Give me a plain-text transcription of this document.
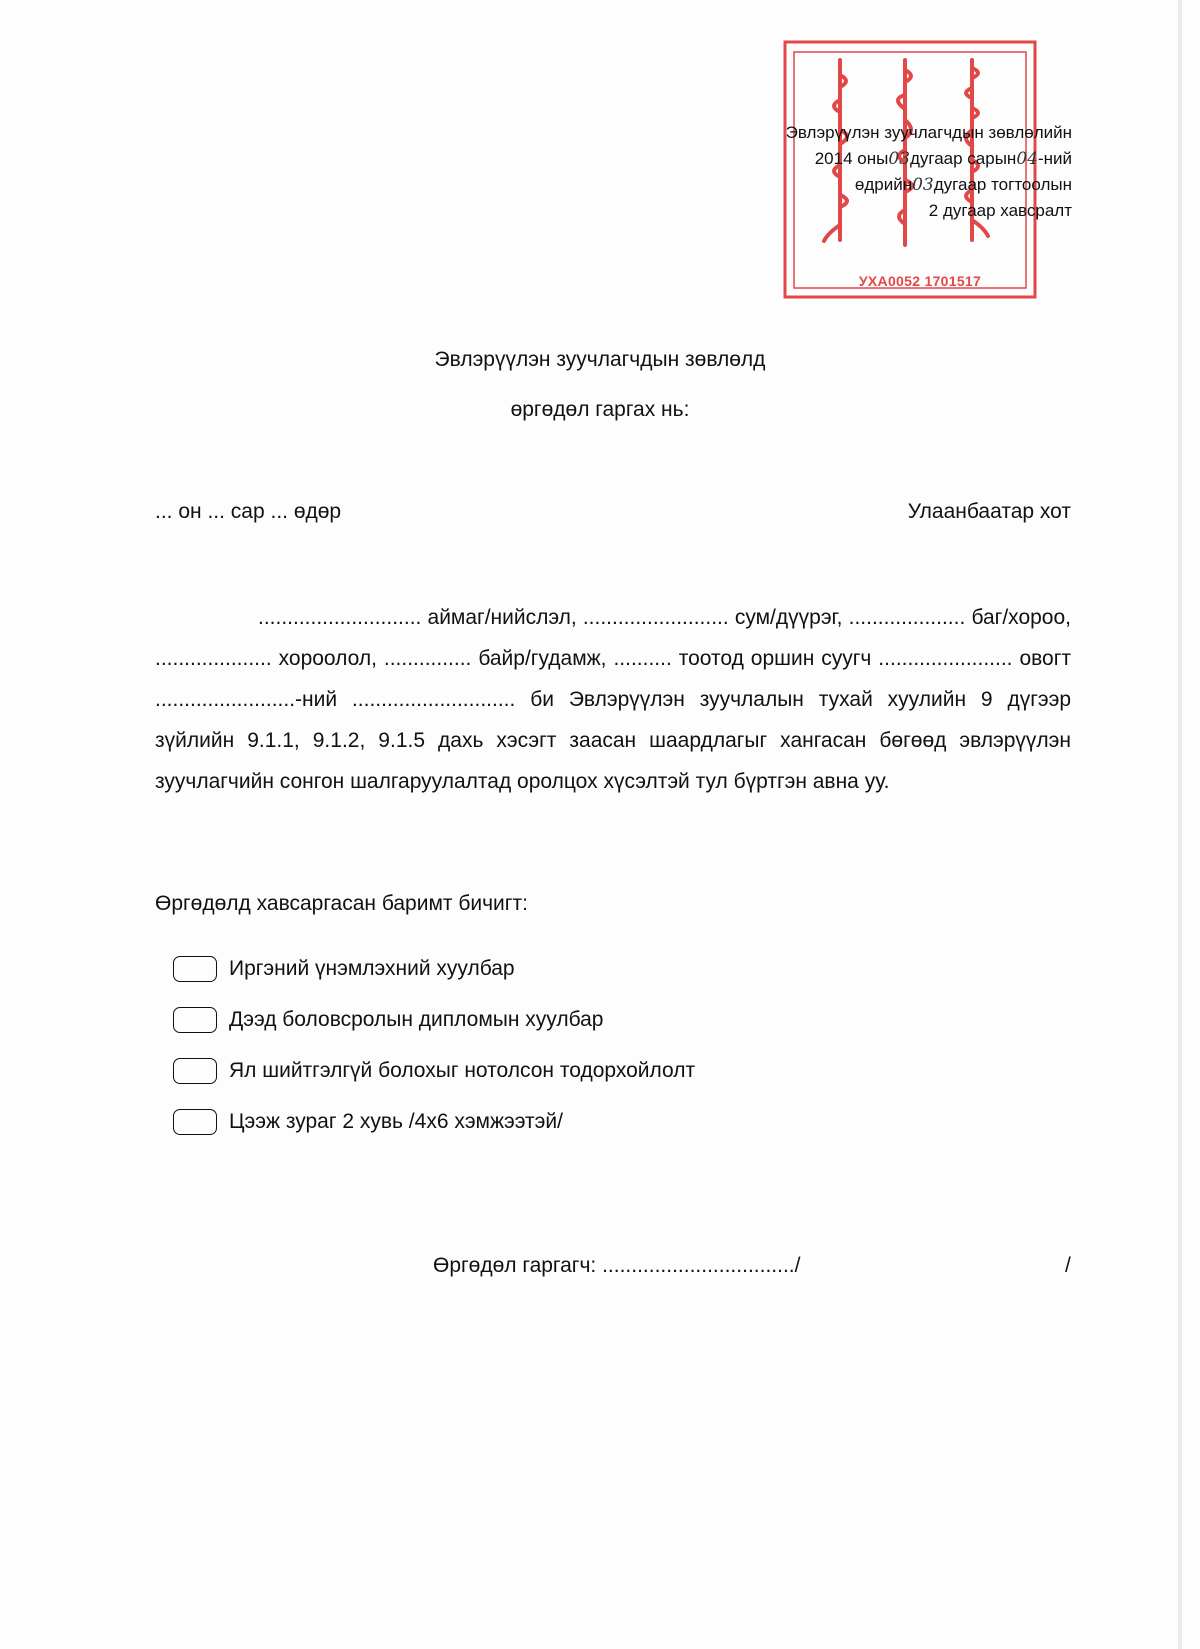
УХА0052 1701517
Эвлэрүүлэн зуучлагчдын зөвлөлийн
2014 оны03дугаар сарын04-ний
өдрийн03дугаар тогтоолын
2 дугаар хавсралт
Эвлэрүүлэн зуучлагчдын зөвлөлд
өргөдөл гаргах нь:
... он ... сар ... өдөр	Улаанбаатар хот

............................ аймаг/нийслэл, ......................... сум/дүүрэг, .................... баг/хороо, .................... хороолол, ............... байр/гудамж, .......... тоотод оршин суугч ....................... овогт ........................-ний ............................ би Эвлэрүүлэн зуучлалын тухай хуулийн 9 дүгээр зүйлийн 9.1.1, 9.1.2, 9.1.5 дахь хэсэгт заасан шаардлагыг хангасан бөгөөд эвлэрүүлэн зуучлагчийн сонгон шалгаруулалтад оролцох хүсэлтэй тул бүртгэн авна уу.

Өргөдөлд хавсаргасан баримт бичигт:
Иргэний үнэмлэхний хуулбар
Дээд боловсролын дипломын хуулбар
Ял шийтгэлгүй болохыг нотолсон тодорхойлолт
Цээж зураг 2 хувь /4х6 хэмжээтэй/
Өргөдөл гаргагч: ................................./	/
